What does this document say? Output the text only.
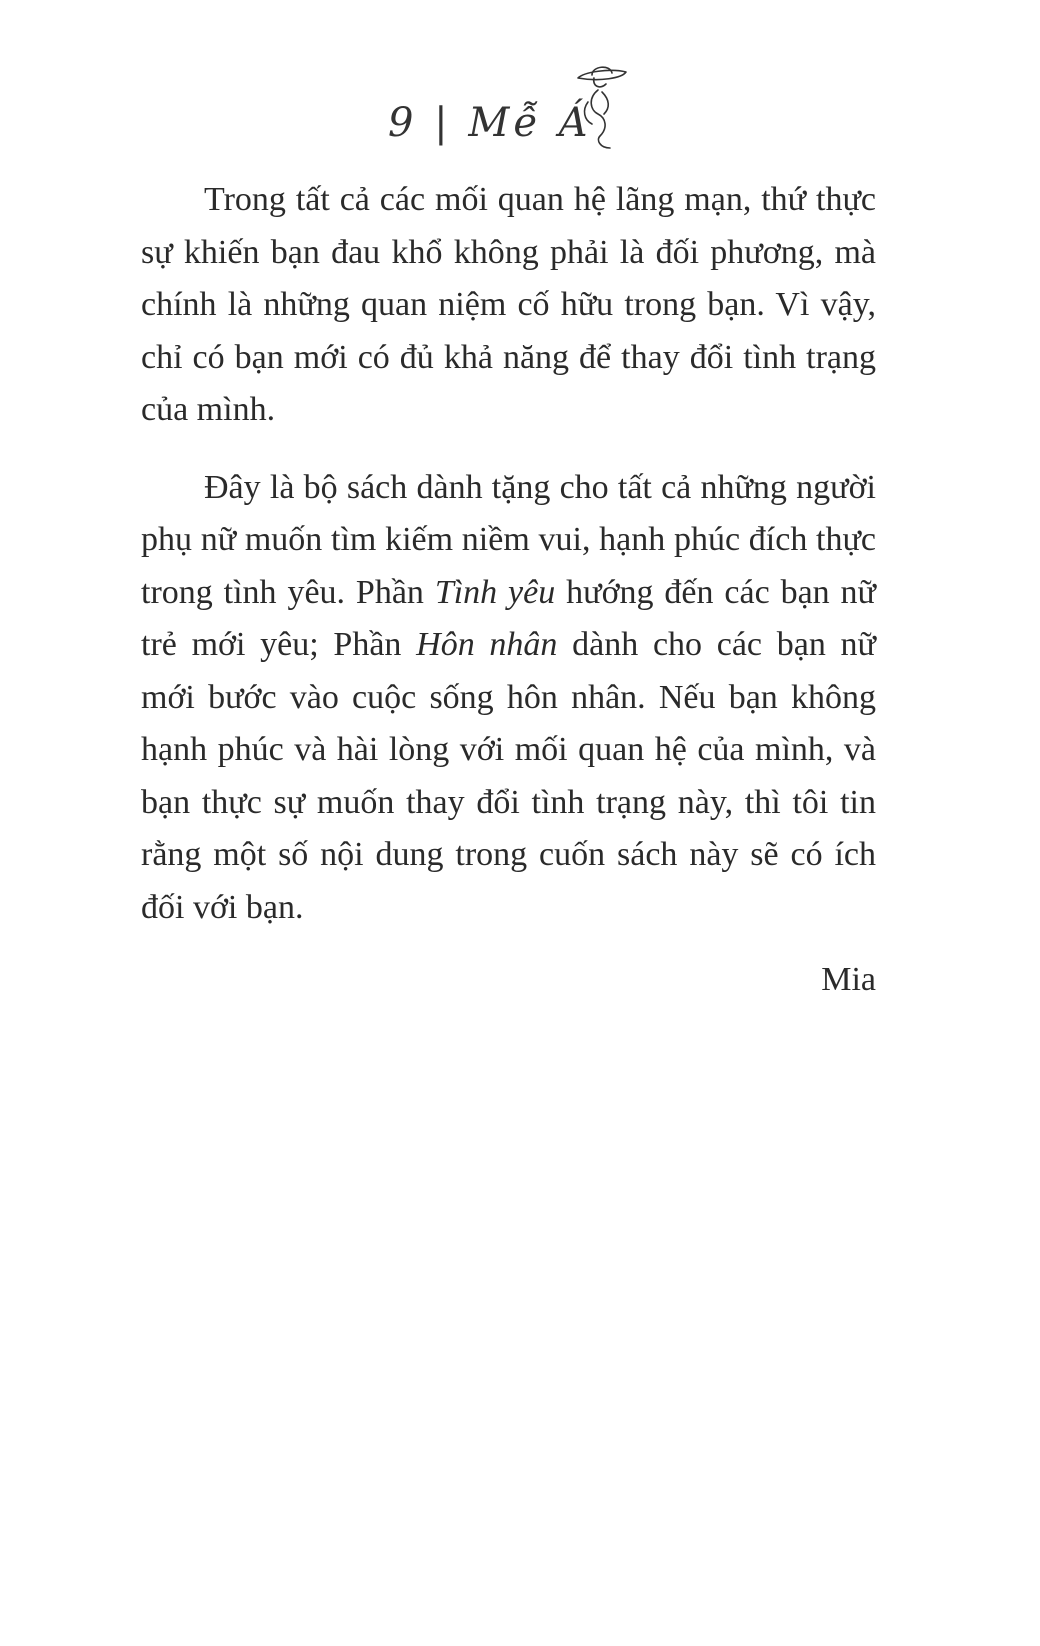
9 | Mễ Á

Trong tất cả các mối quan hệ lãng mạn, thứ thực sự khiến bạn đau khổ không phải là đối phương, mà chính là những quan niệm cố hữu trong bạn. Vì vậy, chỉ có bạn mới có đủ khả năng để thay đổi tình trạng của mình.

Đây là bộ sách dành tặng cho tất cả những người phụ nữ muốn tìm kiếm niềm vui, hạnh phúc đích thực trong tình yêu. Phần Tình yêu hướng đến các bạn nữ trẻ mới yêu; Phần Hôn nhân dành cho các bạn nữ mới bước vào cuộc sống hôn nhân. Nếu bạn không hạnh phúc và hài lòng với mối quan hệ của mình, và bạn thực sự muốn thay đổi tình trạng này, thì tôi tin rằng một số nội dung trong cuốn sách này sẽ có ích đối với bạn.

Mia
